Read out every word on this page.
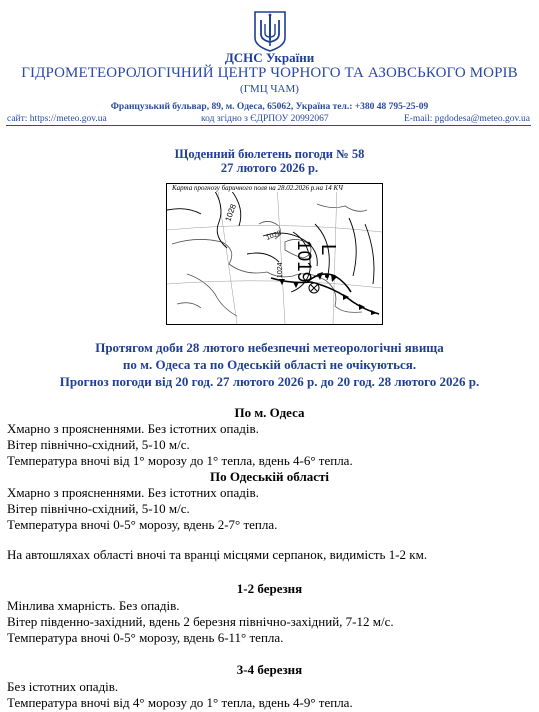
ДСНС України
ГІДРОМЕТЕОРОЛОГІЧНИЙ ЦЕНТР ЧОРНОГО ТА АЗОВСЬКОГО МОРІВ
(ГМЦ ЧАМ)
Французький бульвар, 89, м. Одеса, 65062, Україна тел.: +380 48 795-25-09
сайт: https://meteo.gov.ua	код згідно з ЄДРПОУ 20992067	E-mail: pgdodesa@meteo.gov.ua
Щоденний бюлетень погоди № 58
27 лютого 2026 р.
1028
1028
1024
L
1019
Карта прогнозу баричного поля на 28.02.2026 р.на 14 КЧ
Протягом доби 28 лютого небезпечні метеорологічні явища
по м. Одеса та по Одеській області не очікуються.
Прогноз погоди від 20 год. 27 лютого 2026 р. до 20 год. 28 лютого 2026 р.
По м. Одеса
Хмарно з проясненнями. Без істотних опадів.
Вітер північно-східний, 5-10 м/с.
Температура вночі від 1° морозу до 1° тепла, вдень 4-6° тепла.
По Одеській області
Хмарно з проясненнями. Без істотних опадів.
Вітер північно-східний, 5-10 м/с.
Температура вночі 0-5° морозу, вдень 2-7° тепла.
На автошляхах області вночі та вранці місцями серпанок, видимість 1-2 км.
1-2 березня
Мінлива хмарність. Без опадів.
Вітер південно-західний, вдень 2 березня північно-західний, 7-12 м/с.
Температура вночі 0-5° морозу, вдень 6-11° тепла.
3-4 березня
Без істотних опадів.
Температура вночі від 4° морозу до 1° тепла, вдень 4-9° тепла.
